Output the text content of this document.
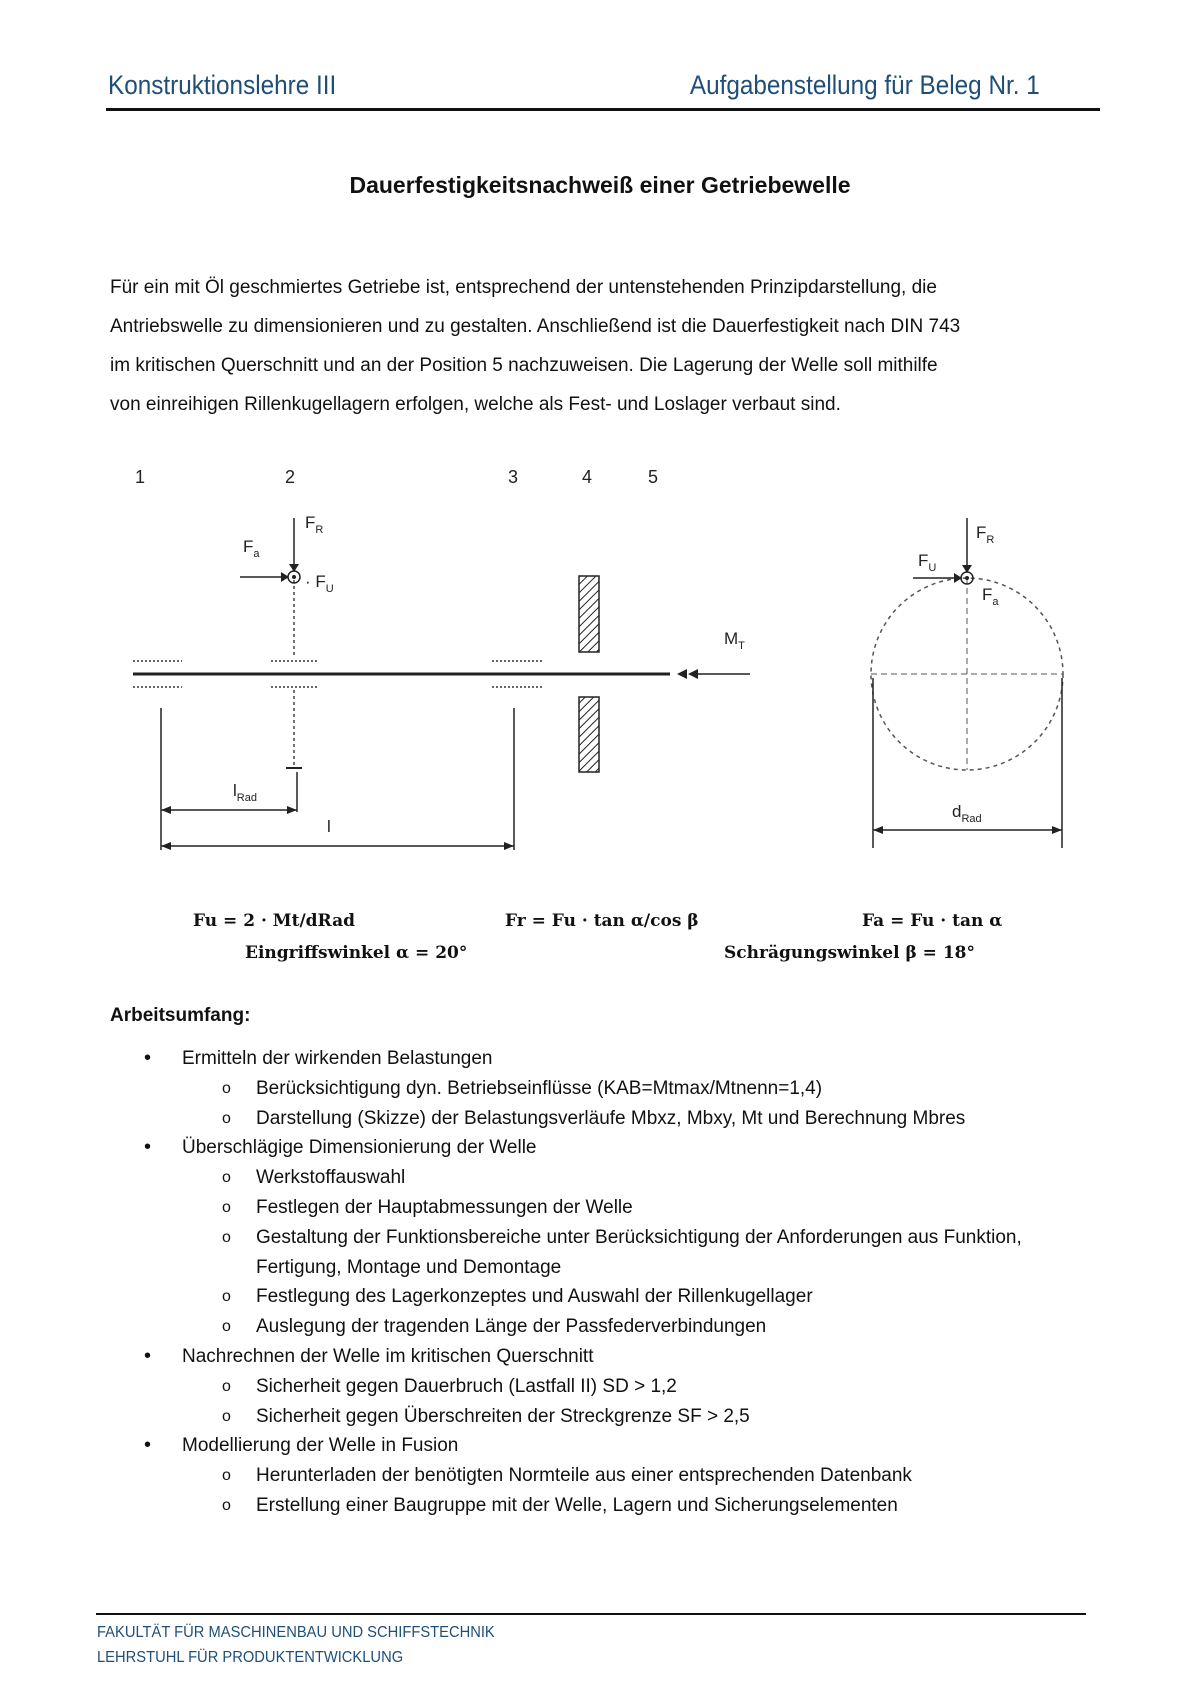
Konstruktionslehre III	Aufgabenstellung für Beleg Nr. 1
Dauerfestigkeitsnachweiß einer Getriebewelle
Für ein mit Öl geschmiertes Getriebe ist, entsprechend der untenstehenden Prinzipdarstellung, die
Antriebswelle zu dimensionieren und zu gestalten. Anschließend ist die Dauerfestigkeit nach DIN 743
im kritischen Querschnitt und an der Position 5 nachzuweisen. Die Lagerung der Welle soll mithilfe
von einreihigen Rillenkugellagern erfolgen, welche als Fest- und Loslager verbaut sind.
1	2	3	4	5
$F_R$
$F_a$
· $F_U$
$M_T$
$l_{Rad}$
l
$F_R$
$F_U$
$F_a$
$d_{Rad}$
Fu = 2 · Mt/dRad	Fr = Fu · tan α/cos β	Fa = Fu · tan α
Eingriffswinkel α = 20°	Schrägungswinkel β = 18°
Arbeitsumfang:
• Ermitteln der wirkenden Belastungen
o Berücksichtigung dyn. Betriebseinflüsse (KAB=Mtmax/Mtnenn=1,4)
o Darstellung (Skizze) der Belastungsverläufe Mbxz, Mbxy, Mt und Berechnung Mbres
• Überschlägige Dimensionierung der Welle
o Werkstoffauswahl
o Festlegen der Hauptabmessungen der Welle
o Gestaltung der Funktionsbereiche unter Berücksichtigung der Anforderungen aus Funktion, Fertigung, Montage und Demontage
o Festlegung des Lagerkonzeptes und Auswahl der Rillenkugellager
o Auslegung der tragenden Länge der Passfederverbindungen
• Nachrechnen der Welle im kritischen Querschnitt
o Sicherheit gegen Dauerbruch (Lastfall II) SD > 1,2
o Sicherheit gegen Überschreiten der Streckgrenze SF > 2,5
• Modellierung der Welle in Fusion
o Herunterladen der benötigten Normteile aus einer entsprechenden Datenbank
o Erstellung einer Baugruppe mit der Welle, Lagern und Sicherungselementen
FAKULTÄT FÜR MASCHINENBAU UND SCHIFFSTECHNIK
LEHRSTUHL FÜR PRODUKTENTWICKLUNG
